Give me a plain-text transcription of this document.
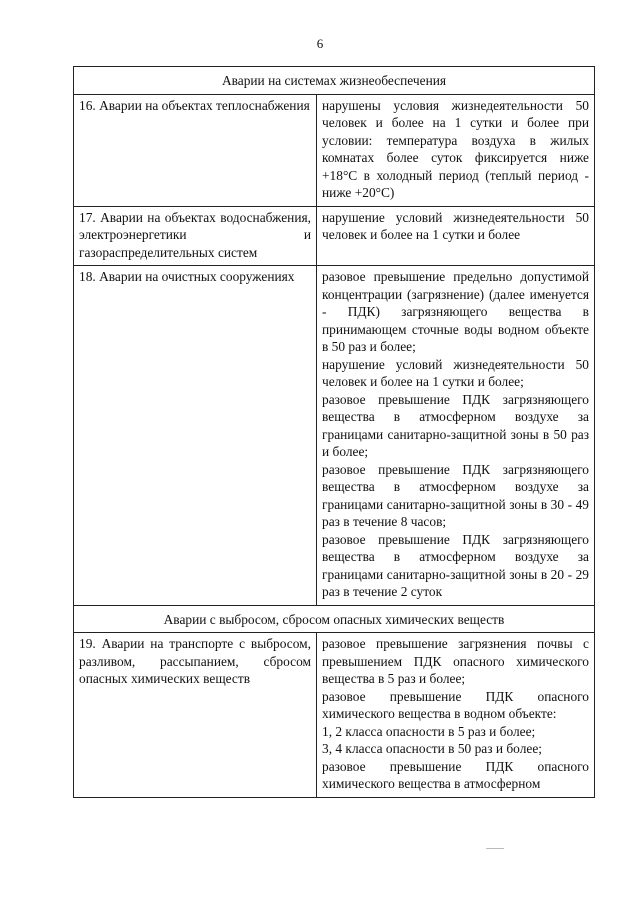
6
Аварии на системах жизнеобеспечения	
16. Аварии на объектах теплоснабжения	нарушены условия жизнедеятельности 50 человек и более на 1 сутки и более при условии: температура воздуха в жилых комнатах более суток фиксируется ниже +18°С в холодный период (теплый период - ниже +20°С)

17. Аварии на объектах водоснабжения, электроэнергетики и газораспределительных систем	нарушение условий жизнедеятельности 50 человек и более на 1 сутки и более

18. Аварии на очистных сооружениях	разовое превышение предельно допустимой концентрации (загрязнение) (далее именуется - ПДК) загрязняющего вещества в принимающем сточные воды водном объекте в 50 раз и более;
нарушение условий жизнедеятельности 50 человек и более на 1 сутки и более;
разовое превышение ПДК загрязняющего вещества в атмосферном воздухе за границами санитарно-защитной зоны в 50 раз и более;
разовое превышение ПДК загрязняющего вещества в атмосферном воздухе за границами санитарно-защитной зоны в 30 - 49 раз в течение 8 часов;
разовое превышение ПДК загрязняющего вещества в атмосферном воздухе за границами санитарно-защитной зоны в 20 - 29 раз в течение 2 суток

Аварии с выбросом, сбросом опасных химических веществ	
19. Аварии на транспорте с выбросом, разливом, рассыпанием, сбросом опасных химических веществ	разовое превышение загрязнения почвы с превышением ПДК опасного химического вещества в 5 раз и более;
разовое превышение ПДК опасного химического вещества в водном объекте:
1, 2 класса опасности в 5 раз и более;
3, 4 класса опасности в 50 раз и более;
разовое превышение ПДК опасного химического вещества в атмосферном
